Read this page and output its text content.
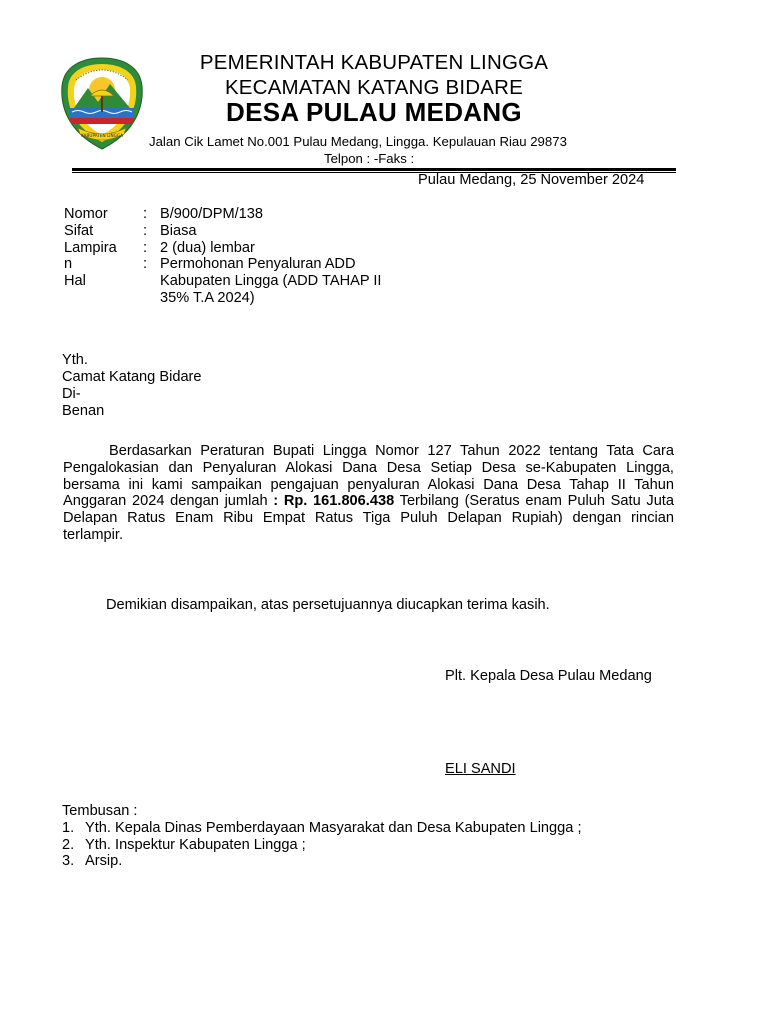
KABUPATEN LINGGA
PEMERINTAH KABUPATEN LINGGA
KECAMATAN KATANG BIDARE
DESA PULAU MEDANG
Jalan Cik Lamet No.001 Pulau Medang, Lingga. Kepulauan Riau 29873
Telpon : -Faks :
Pulau Medang, 25 November 2024
Nomor : B/900/DPM/138
Sifat	: Biasa
Lampira : 2 (dua) lembar
n	: Permohonan Penyaluran ADD
Hal	Kabupaten Lingga (ADD TAHAP II
35% T.A 2024)
Yth.
Camat Katang Bidare
Di-
Benan
Berdasarkan Peraturan Bupati Lingga Nomor 127 Tahun 2022 tentang Tata Cara Pengalokasian dan Penyaluran Alokasi Dana Desa Setiap Desa se-Kabupaten Lingga, bersama ini kami sampaikan pengajuan penyaluran Alokasi Dana Desa Tahap II Tahun Anggaran 2024 dengan jumlah : Rp. 161.806.438 Terbilang (Seratus enam Puluh Satu Juta Delapan Ratus Enam Ribu Empat Ratus Tiga Puluh Delapan Rupiah) dengan rincian terlampir.
Demikian disampaikan, atas persetujuannya diucapkan terima kasih.
Plt. Kepala Desa Pulau Medang
ELI SANDI
Tembusan :
1. Yth. Kepala Dinas Pemberdayaan Masyarakat dan Desa Kabupaten Lingga ;
2. Yth. Inspektur Kabupaten Lingga ;
3. Arsip.
